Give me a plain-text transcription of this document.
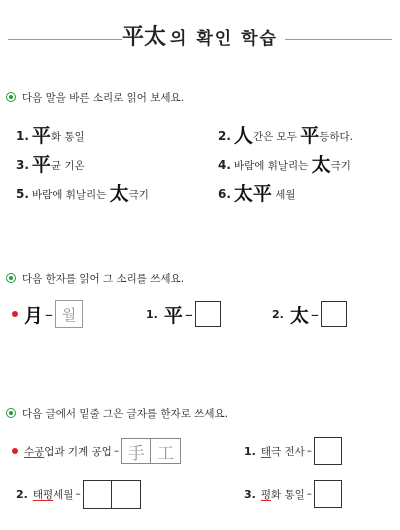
平太 의 확인 학습
다음 말을 바른 소리로 읽어 보세요.
1. 平화 통일	2. 人간은 모두 平등하다.
3. 平균 기온	4. 바람에 휘날리는 太극기
5. 바람에 휘날리는 太극기	6. 太平 세월
다음 한자를 읽어 그 소리를 쓰세요.
月 – 월	1. 平 –	2. 太 –
다음 글에서 밑줄 그은 글자를 한자로 쓰세요.
수공 업과 기계 공업 – 手 工	1. 태 극 전사 –
2. 태평 세월 –	3. 평 화 통일 –
